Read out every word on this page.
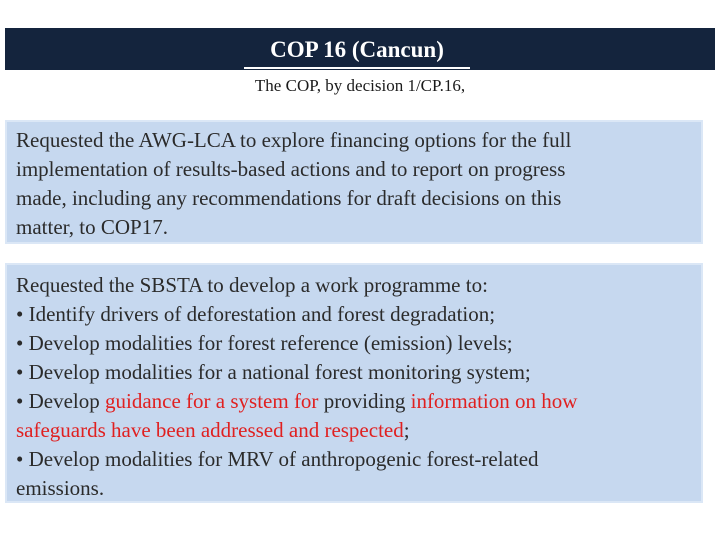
COP 16 (Cancun)
The COP, by decision 1/CP.16,
Requested the AWG-LCA to explore financing options for the full
implementation of results-based actions and to report on progress
made, including any recommendations for draft decisions on this
matter, to COP17.
Requested the SBSTA to develop a work programme to:
• Identify drivers of deforestation and forest degradation;
• Develop modalities for forest reference (emission) levels;
• Develop modalities for a national forest monitoring system;
• Develop guidance for a system for providing information on how
safeguards have been addressed and respected;
• Develop modalities for MRV of anthropogenic forest-related
emissions.
